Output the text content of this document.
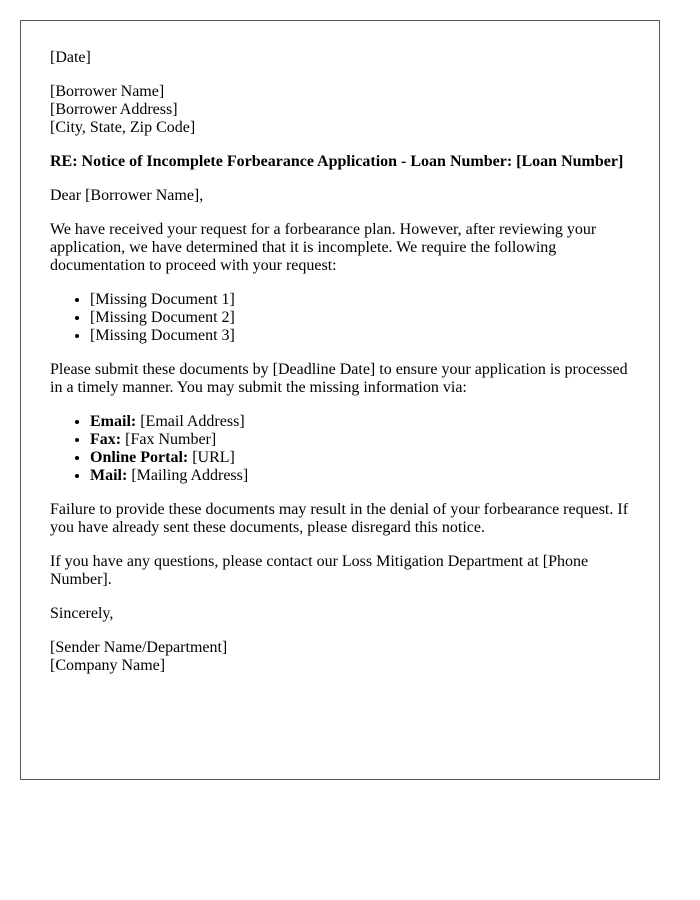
[Date]

[Borrower Name]
[Borrower Address]
[City, State, Zip Code]

RE: Notice of Incomplete Forbearance Application - Loan Number: [Loan Number]

Dear [Borrower Name],

We have received your request for a forbearance plan. However, after reviewing your application, we have determined that it is incomplete. We require the following documentation to proceed with your request:

• [Missing Document 1]
• [Missing Document 2]
• [Missing Document 3]

Please submit these documents by [Deadline Date] to ensure your application is processed in a timely manner. You may submit the missing information via:

• Email: [Email Address]
• Fax: [Fax Number]
• Online Portal: [URL]
• Mail: [Mailing Address]

Failure to provide these documents may result in the denial of your forbearance request. If you have already sent these documents, please disregard this notice.

If you have any questions, please contact our Loss Mitigation Department at [Phone Number].

Sincerely,

[Sender Name/Department]
[Company Name]
